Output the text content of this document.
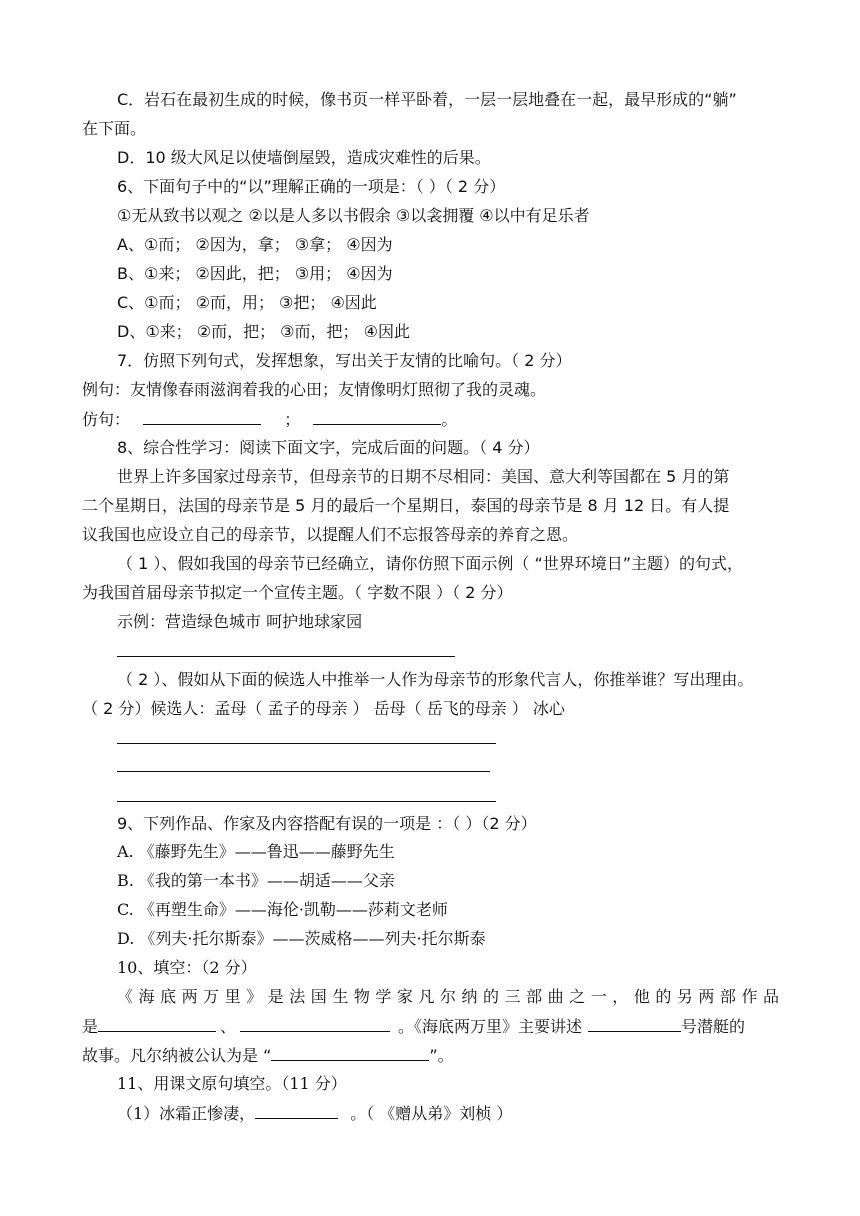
C．岩石在最初生成的时候，像书页一样平卧着，一层一层地叠在一起，最早形成的“躺”
在下面。
D．10 级大风足以使墙倒屋毁，造成灾难性的后果。
6、下面句子中的“以”理解正确的一项是：（ ）（ 2 分）
①无从致书以观之 ②以是人多以书假余 ③以衾拥覆 ④以中有足乐者
A、①而； ②因为，拿； ③拿； ④因为
B、①来； ②因此，把； ③用； ④因为
C、①而； ②而，用； ③把； ④因此
D、①来； ②而，把； ③而，把； ④因此
7．仿照下列句式，发挥想象，写出关于友情的比喻句。（ 2 分）
例句：友情像春雨滋润着我的心田；友情像明灯照彻了我的灵魂。
仿句：	；	。
8、综合性学习：阅读下面文字，完成后面的问题。（ 4 分）
世界上许多国家过母亲节，但母亲节的日期不尽相同：美国、意大利等国都在 5 月的第
二个星期日，法国的母亲节是 5 月的最后一个星期日，泰国的母亲节是 8 月 12 日。有人提
议我国也应设立自己的母亲节，以提醒人们不忘报答母亲的养育之恩。
（ 1 ）、假如我国的母亲节已经确立，请你仿照下面示例（ “世界环境日”主题）的句式，
为我国首届母亲节拟定一个宣传主题。（ 字数不限 ）（ 2 分）
示例：营造绿色城市 呵护地球家园
（ 2 ）、假如从下面的候选人中推举一人作为母亲节的形象代言人，你推举谁？写出理由。
（ 2 分）候选人：孟母（ 孟子的母亲 ） 岳母（ 岳飞的母亲 ） 冰心
9、下列作品、作家及内容搭配有误的一项是 ：（ ）（2 分）
A. 《藤野先生》——鲁迅——藤野先生
B. 《我的第一本书》——胡适——父亲
C. 《再塑生命》——海伦·凯勒——莎莉文老师
D. 《列夫·托尔斯泰》——茨威格——列夫·托尔斯泰
10、填空：（2 分）
《海底两万里》是法国生物学家凡尔纳的三部曲之一，他的另两部作品
是	、	。《海底两万里》主要讲述	号潜艇的
故事。凡尔纳被公认为是 “	”。
11、用课文原句填空。（11 分）
（1）冰霜正惨凄，	。（ 《赠从弟》刘桢 ）
